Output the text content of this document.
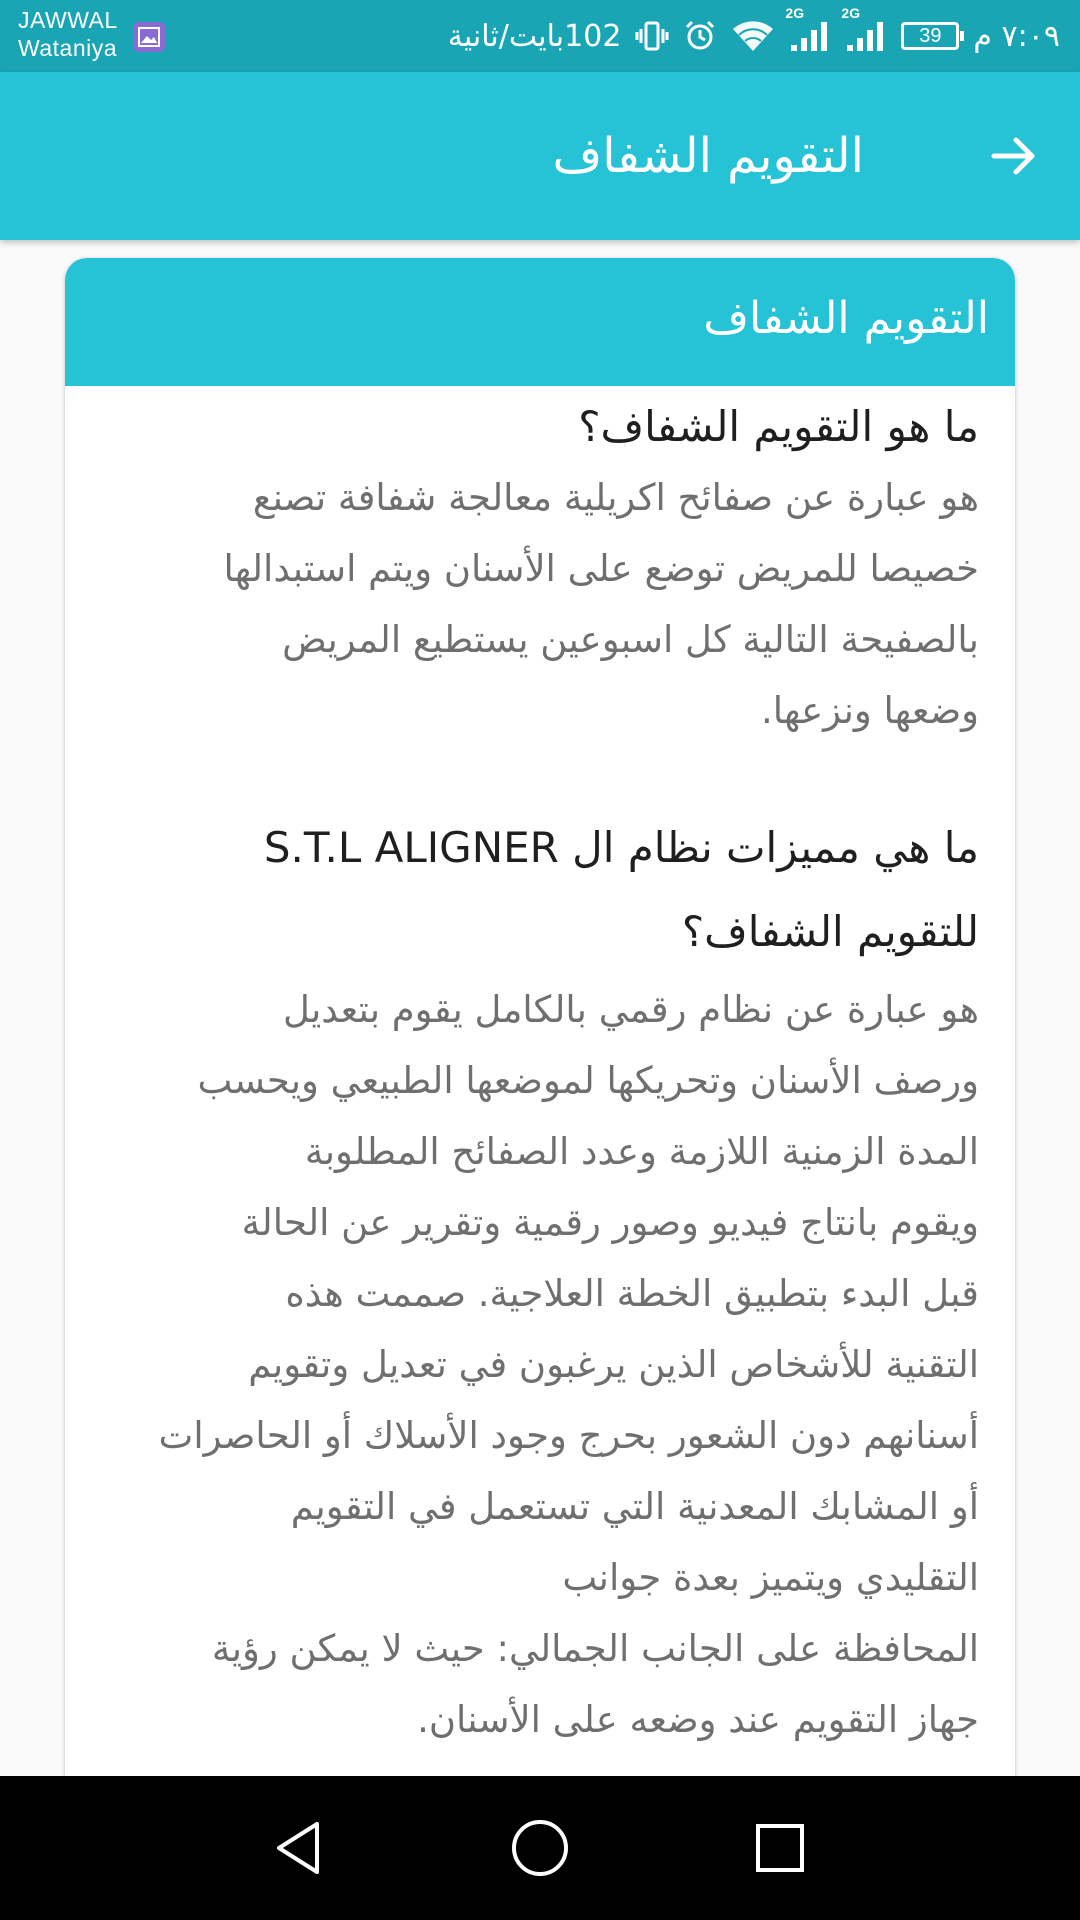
JAWWAL
Wataniya	102بايت/ثانية
2G	2G
39	٧:٠٩ م
التقويم الشفاف
التقويم الشفاف
ما هو التقويم الشفاف؟

هو عبارة عن صفائح اكريلية معالجة شفافة تصنع
خصيصا للمريض توضع على الأسنان ويتم استبدالها
بالصفيحة التالية كل اسبوعين يستطيع المريض
وضعها ونزعها.

ما هي مميزات نظام ال S.T.L ALIGNER
للتقويم الشفاف؟

هو عبارة عن نظام رقمي بالكامل يقوم بتعديل
ورصف الأسنان وتحريكها لموضعها الطبيعي ويحسب
المدة الزمنية اللازمة وعدد الصفائح المطلوبة
ويقوم بانتاج فيديو وصور رقمية وتقرير عن الحالة
قبل البدء بتطبيق الخطة العلاجية. صممت هذه
التقنية للأشخاص الذين يرغبون في تعديل وتقويم
أسنانهم دون الشعور بحرج وجود الأسلاك أو الحاصرات
أو المشابك المعدنية التي تستعمل في التقويم
التقليدي ويتميز بعدة جوانب
المحافظة على الجانب الجمالي: حيث لا يمكن رؤية
جهاز التقويم عند وضعه على الأسنان.
